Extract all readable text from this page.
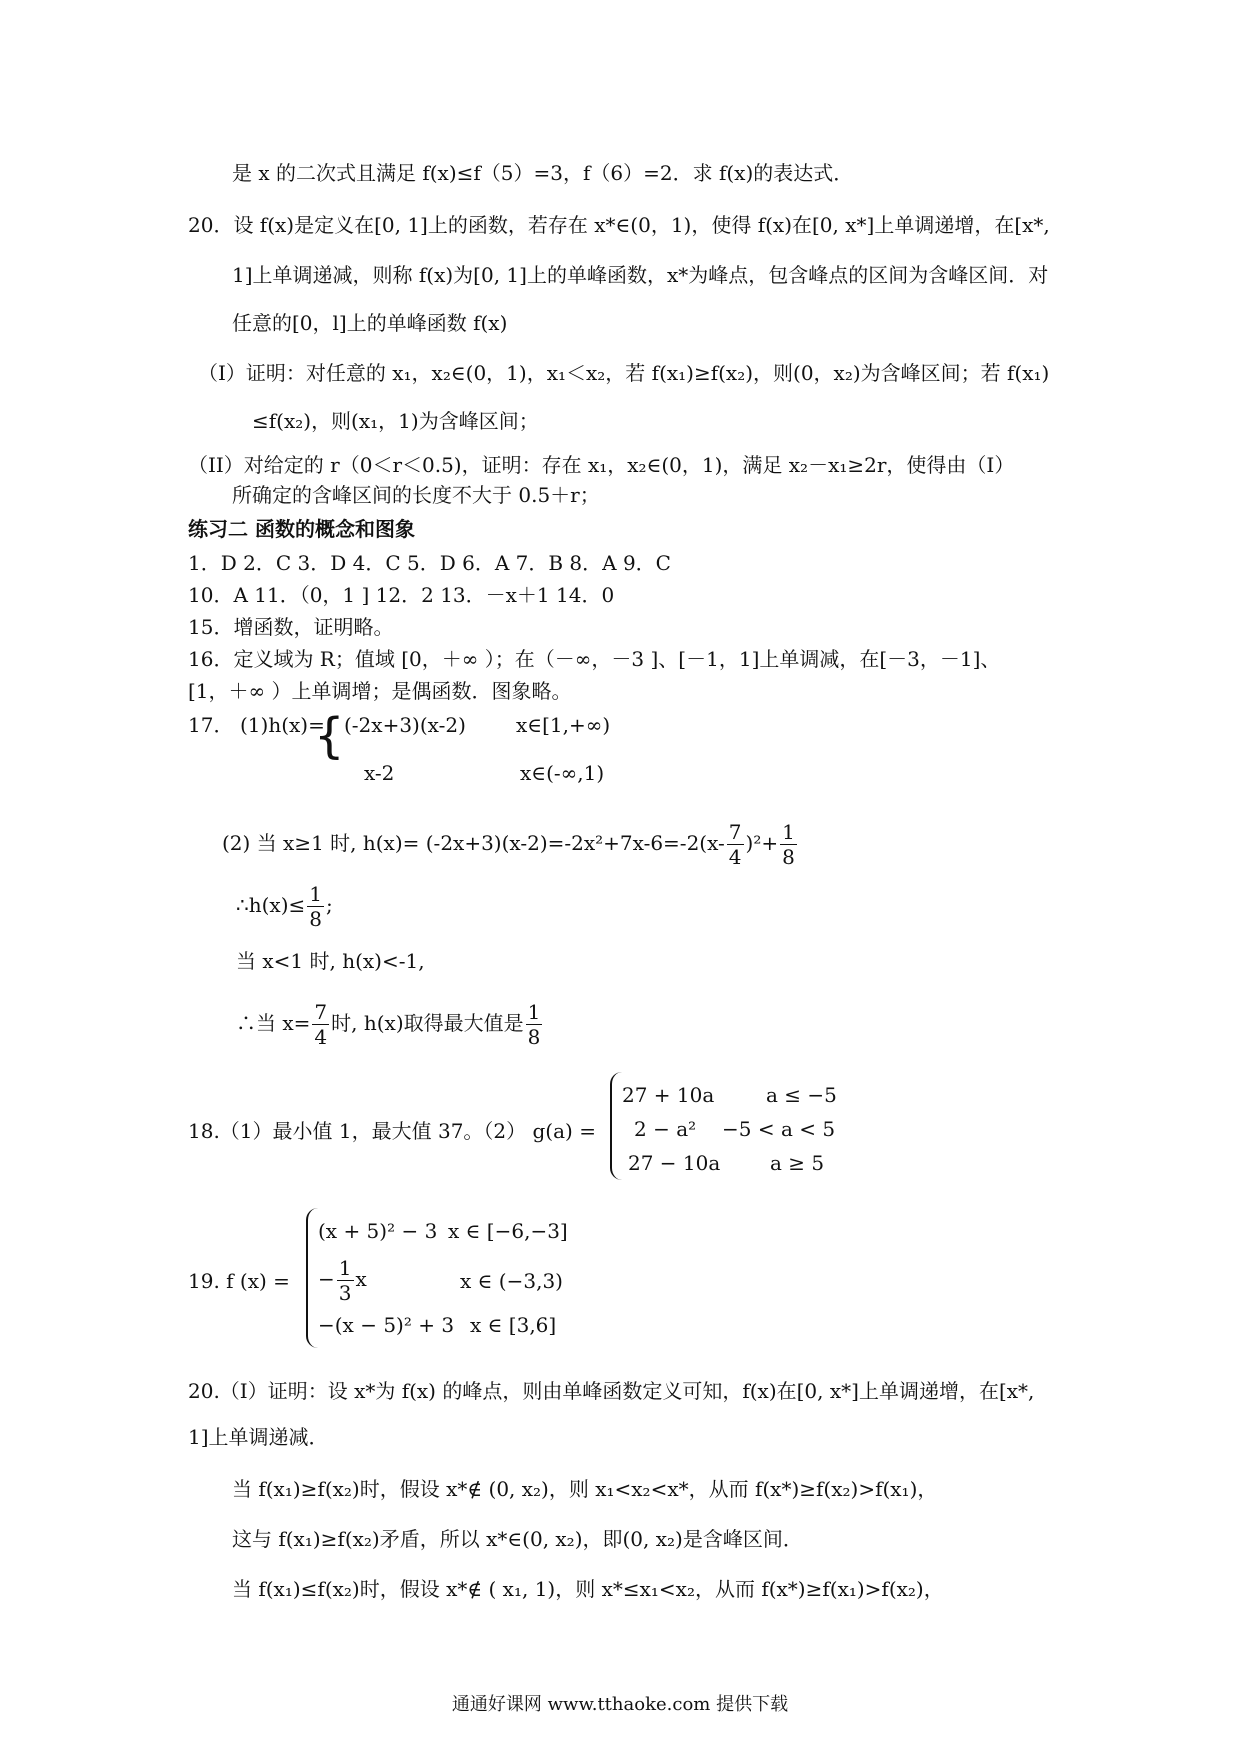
是 x 的二次式且满足 f(x)≤f（5）=3，f（6）=2．求 f(x)的表达式．
20．设 f(x)是定义在[0, 1]上的函数，若存在 x*∈(0，1)，使得 f(x)在[0, x*]上单调递增，在[x*,
1]上单调递减，则称 f(x)为[0, 1]上的单峰函数，x*为峰点，包含峰点的区间为含峰区间．对
任意的[0，l]上的单峰函数 f(x)
（I）证明：对任意的 x₁，x₂∈(0，1)，x₁＜x₂，若 f(x₁)≥f(x₂)，则(0，x₂)为含峰区间；若 f(x₁)
≤f(x₂)，则(x₁，1)为含峰区间；
（II）对给定的 r（0＜r＜0.5)，证明：存在 x₁，x₂∈(0，1)，满足 x₂－x₁≥2r，使得由（I）
所确定的含峰区间的长度不大于 0.5＋r；
练习二 函数的概念和图象
1．D 2．C 3．D 4．C 5．D 6．A 7．B 8．A 9．C
10．A 11．（0，1 ] 12．2 13．－x＋1 14．0
15．增函数，证明略。
16．定义域为 R；值域 [0，＋∞ ）；在（－∞，－3 ]、[－1，1]上单调减，在[－3，－1]、
[1，＋∞ ）上单调增；是偶函数．图象略。
17． (1)h(x)=
{ (-2x+3)(x-2)	x∈[1,+∞)
x-2	x∈(-∞,1)
(2) 当 x≥1 时, $h(x)= (-2x+3)(x-2)=-2x^2+7x-6=-2(x- \frac{7}{4} )^2+ \frac{1}{8}$
∴h(x)≤ $\frac{1}{8}$ ;
当 x<1 时, h(x)<-1,
∴当 $x= \frac{7}{4}$ 时, h(x)取得最大值是 $\frac{1}{8}$
18.（1）最小值 1，最大值 37。（2） g(a) =
27 + 10a	a ≤ −5
2 − a² −5 < a < 5
27 − 10a a ≥ 5
19. f (x) =
(x + 5)² − 3 x ∈ [−6,−3]
− $\frac{1}{3}$ x	x ∈ (−3,3)
−(x − 5)² + 3 x ∈ [3,6]
20.（I）证明：设 x*为 f(x) 的峰点，则由单峰函数定义可知，f(x)在[0, x*]上单调递增，在[x*,
1]上单调递减．
当 f(x₁)≥f(x₂)时，假设 x*∉ (0, x₂)，则 x₁<x₂<x*，从而 f(x*)≥f(x₂)>f(x₁)，
这与 f(x₁)≥f(x₂)矛盾，所以 x*∈(0, x₂)，即(0, x₂)是含峰区间．
当 f(x₁)≤f(x₂)时，假设 x*∉ ( x₁, 1)，则 x*≤x₁<x₂，从而 f(x*)≥f(x₁)>f(x₂)，
通通好课网 www.tthaoke.com 提供下载
